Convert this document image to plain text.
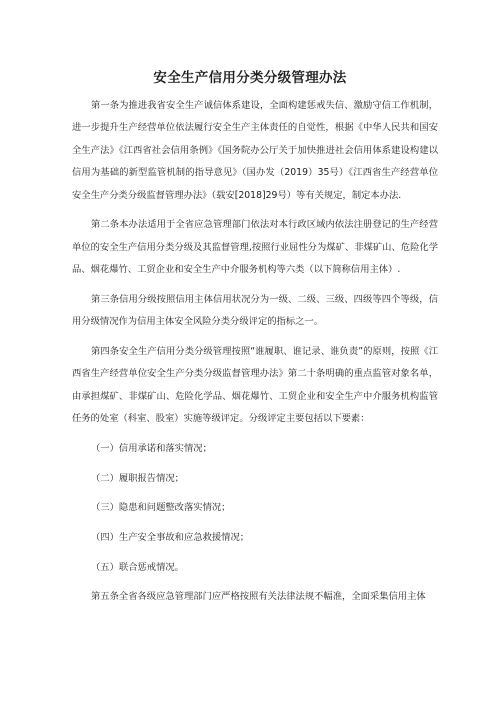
安全生产信用分类分级管理办法

第一条为推进我省安全生产诚信体系建设，全面构建惩戒失信、激励守信工作机制，进一步提升生产经营单位依法履行安全生产主体责任的自觉性，根据《中华人民共和国安全生产法》《江西省社会信用条例》《国务院办公厅关于加快推进社会信用体系建设构建以信用为基础的新型监管机制的指导意见》（国办发（2019）35号）《江西省生产经营单位安全生产分类分级监督管理办法》（载安[2018]29号）等有关规定，制定本办法.

第二条本办法适用于全省应急管理部门依法对本行政区域内依法注册登记的生产经营单位的安全生产信用分类分级及其监督管理,按照行业屈性分为煤矿、非煤矿山、危险化学品、烟花爆竹、工贸企业和安全生产中介服务机构等六类（以下简称信用主体）.

第三条信用分级按照信用主体信用状况分为一级、二级、三级、四级等四个等级，信用分级情况作为信用主体安全风险分类分级评定的指标之一。

第四条安全生产信用分类分级管理按照“谁履职、谁记录、谁负责”的原则，按照《江西省生产经营单位安全生产分类分级监督管理办法》第二十条明确的重点监管对象名单，由承担煤矿、非煤矿山、危险化学品、烟花爆竹、工贸企业和安全生产中介服务机构监管任务的处室（科室、股室）实施等级评定。分级评定主要包括以下要素：

（一）信用承诺和落实情况；

（二）履职报告情况；

（三）隐患和问题整改落实情况；

（四）生产安全事故和应急救援情况；

（五）联合惩戒情况。

第五条全省各级应急管理部门应严格按照有关法律法规不幅准，全面采集信用主体
